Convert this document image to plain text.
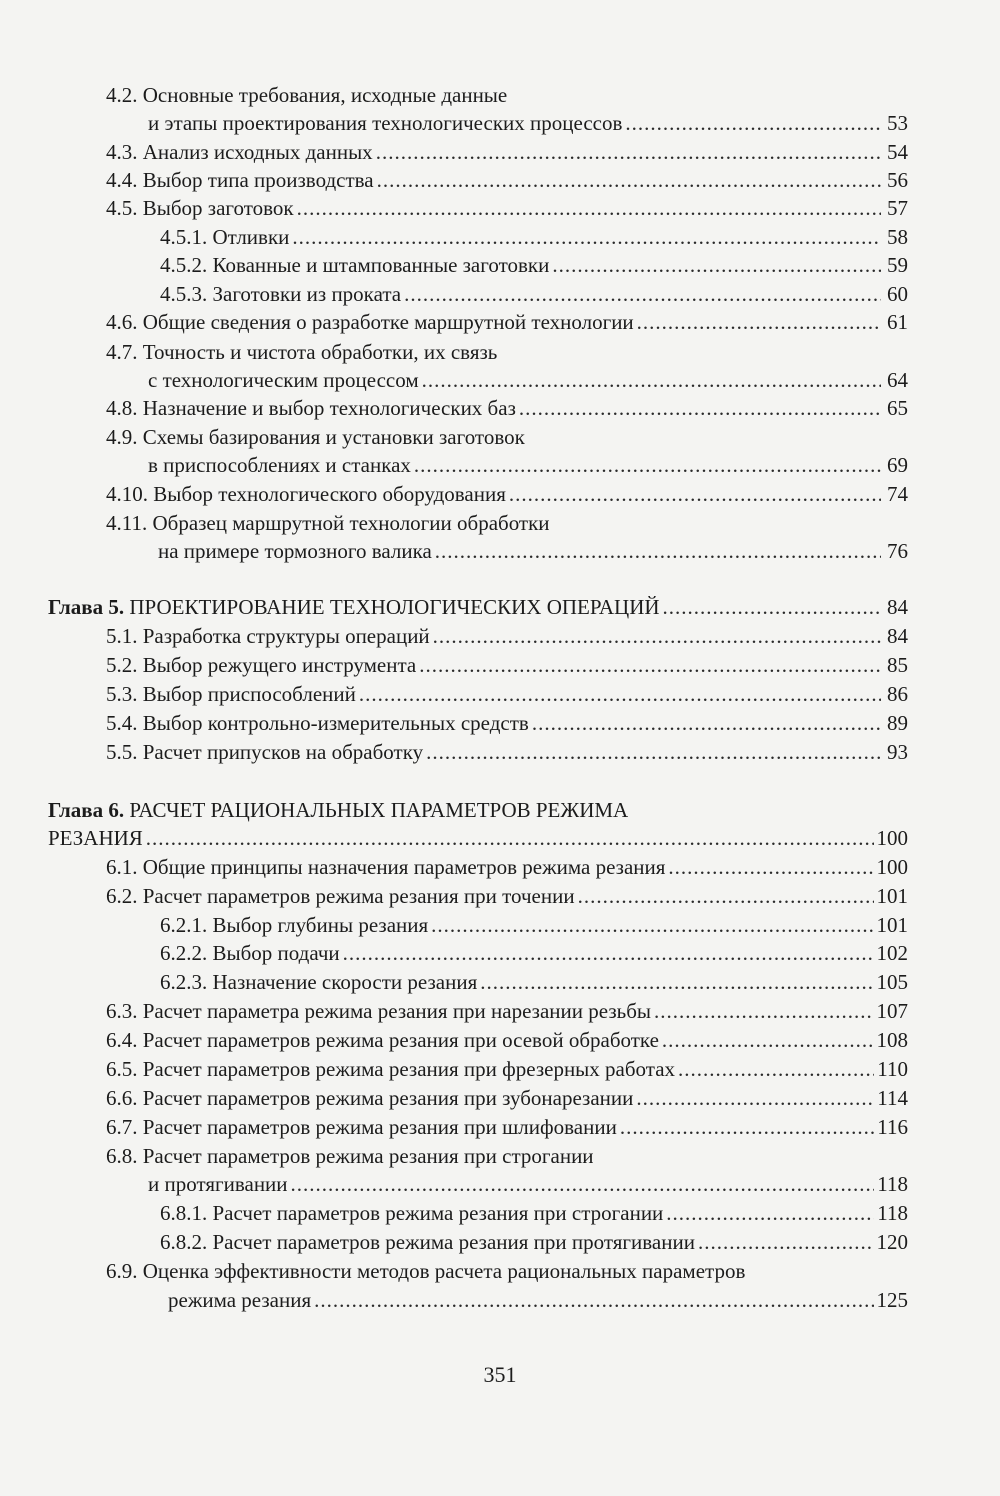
4.2. Основные требования, исходные данные
и этапы проектирования технологических процессов .....	53
4.3. Анализ исходных данных .....	54
4.4. Выбор типа производства .....	56
4.5. Выбор заготовок .....	57
4.5.1. Отливки .....	58
4.5.2. Кованные и штампованные заготовки .....	59
4.5.3. Заготовки из проката .....	60
4.6. Общие сведения о разработке маршрутной технологии .....	61
4.7. Точность и чистота обработки, их связь
с технологическим процессом .....	64
4.8. Назначение и выбор технологических баз .....	65
4.9. Схемы базирования и установки заготовок
в приспособлениях и станках .....	69
4.10. Выбор технологического оборудования .....	74
4.11. Образец маршрутной технологии обработки
на примере тормозного валика .....	76
Глава 5. ПРОЕКТИРОВАНИЕ ТЕХНОЛОГИЧЕСКИХ ОПЕРАЦИЙ .....	84
5.1. Разработка структуры операций .....	84
5.2. Выбор режущего инструмента .....	85
5.3. Выбор приспособлений .....	86
5.4. Выбор контрольно-измерительных средств .....	89
5.5. Расчет припусков на обработку .....	93
Глава 6. РАСЧЕТ РАЦИОНАЛЬНЫХ ПАРАМЕТРОВ РЕЖИМА
РЕЗАНИЯ .....	100
6.1. Общие принципы назначения параметров режима резания .....	100
6.2. Расчет параметров режима резания при точении .....	101
6.2.1. Выбор глубины резания .....	101
6.2.2. Выбор подачи .....	102
6.2.3. Назначение скорости резания .....	105
6.3. Расчет параметра режима резания при нарезании резьбы .....	107
6.4. Расчет параметров режима резания при осевой обработке .....	108
6.5. Расчет параметров режима резания при фрезерных работах .....	110
6.6. Расчет параметров режима резания при зубонарезании .....	114
6.7. Расчет параметров режима резания при шлифовании .....	116
6.8. Расчет параметров режима резания при строгании
и протягивании .....	118
6.8.1. Расчет параметров режима резания при строгании .....	118
6.8.2. Расчет параметров режима резания при протягивании .....	120
6.9. Оценка эффективности методов расчета рациональных параметров
режима резания .....	125
351
